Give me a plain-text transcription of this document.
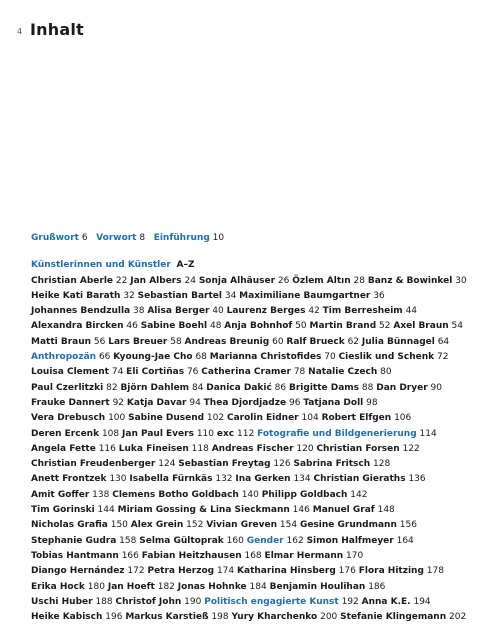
4 Inhalt
Grußwort 6 Vorwort 8 Einführung 10
Künstlerinnen und Künstler A–Z
Christian Aberle 22 Jan Albers 24 Sonja Alhäuser 26 Özlem Altın 28 Banz & Bowinkel 30
Heike Kati Barath 32 Sebastian Bartel 34 Maximiliane Baumgartner 36
Johannes Bendzulla 38 Alisa Berger 40 Laurenz Berges 42 Tim Berresheim 44
Alexandra Bircken 46 Sabine Boehl 48 Anja Bohnhof 50 Martin Brand 52 Axel Braun 54
Matti Braun 56 Lars Breuer 58 Andreas Breunig 60 Ralf Brueck 62 Julia Bünnagel 64
Anthropozän 66 Kyoung-Jae Cho 68 Marianna Christofides 70 Cieslik und Schenk 72
Louisa Clement 74 Eli Cortiñas 76 Catherina Cramer 78 Natalie Czech 80
Paul Czerlitzki 82 Björn Dahlem 84 Danica Dakić 86 Brigitte Dams 88 Dan Dryer 90
Frauke Dannert 92 Katja Davar 94 Thea Djordjadze 96 Tatjana Doll 98
Vera Drebusch 100 Sabine Dusend 102 Carolin Eidner 104 Robert Elfgen 106
Deren Ercenk 108 Jan Paul Evers 110 exc 112 Fotografie und Bildgenerierung 114
Angela Fette 116 Luka Fineisen 118 Andreas Fischer 120 Christian Forsen 122
Christian Freudenberger 124 Sebastian Freytag 126 Sabrina Fritsch 128
Anett Frontzek 130 Isabella Fürnkäs 132 Ina Gerken 134 Christian Gieraths 136
Amit Goffer 138 Clemens Botho Goldbach 140 Philipp Goldbach 142
Tim Gorinski 144 Miriam Gossing & Lina Sieckmann 146 Manuel Graf 148
Nicholas Grafia 150 Alex Grein 152 Vivian Greven 154 Gesine Grundmann 156
Stephanie Gudra 158 Selma Gültoprak 160 Gender 162 Simon Halfmeyer 164
Tobias Hantmann 166 Fabian Heitzhausen 168 Elmar Hermann 170
Diango Hernández 172 Petra Herzog 174 Katharina Hinsberg 176 Flora Hitzing 178
Erika Hock 180 Jan Hoeft 182 Jonas Hohnke 184 Benjamin Houlihan 186
Uschi Huber 188 Christof John 190 Politisch engagierte Kunst 192 Anna K.E. 194
Heike Kabisch 196 Markus Karstieß 198 Yury Kharchenko 200 Stefanie Klingemann 202
